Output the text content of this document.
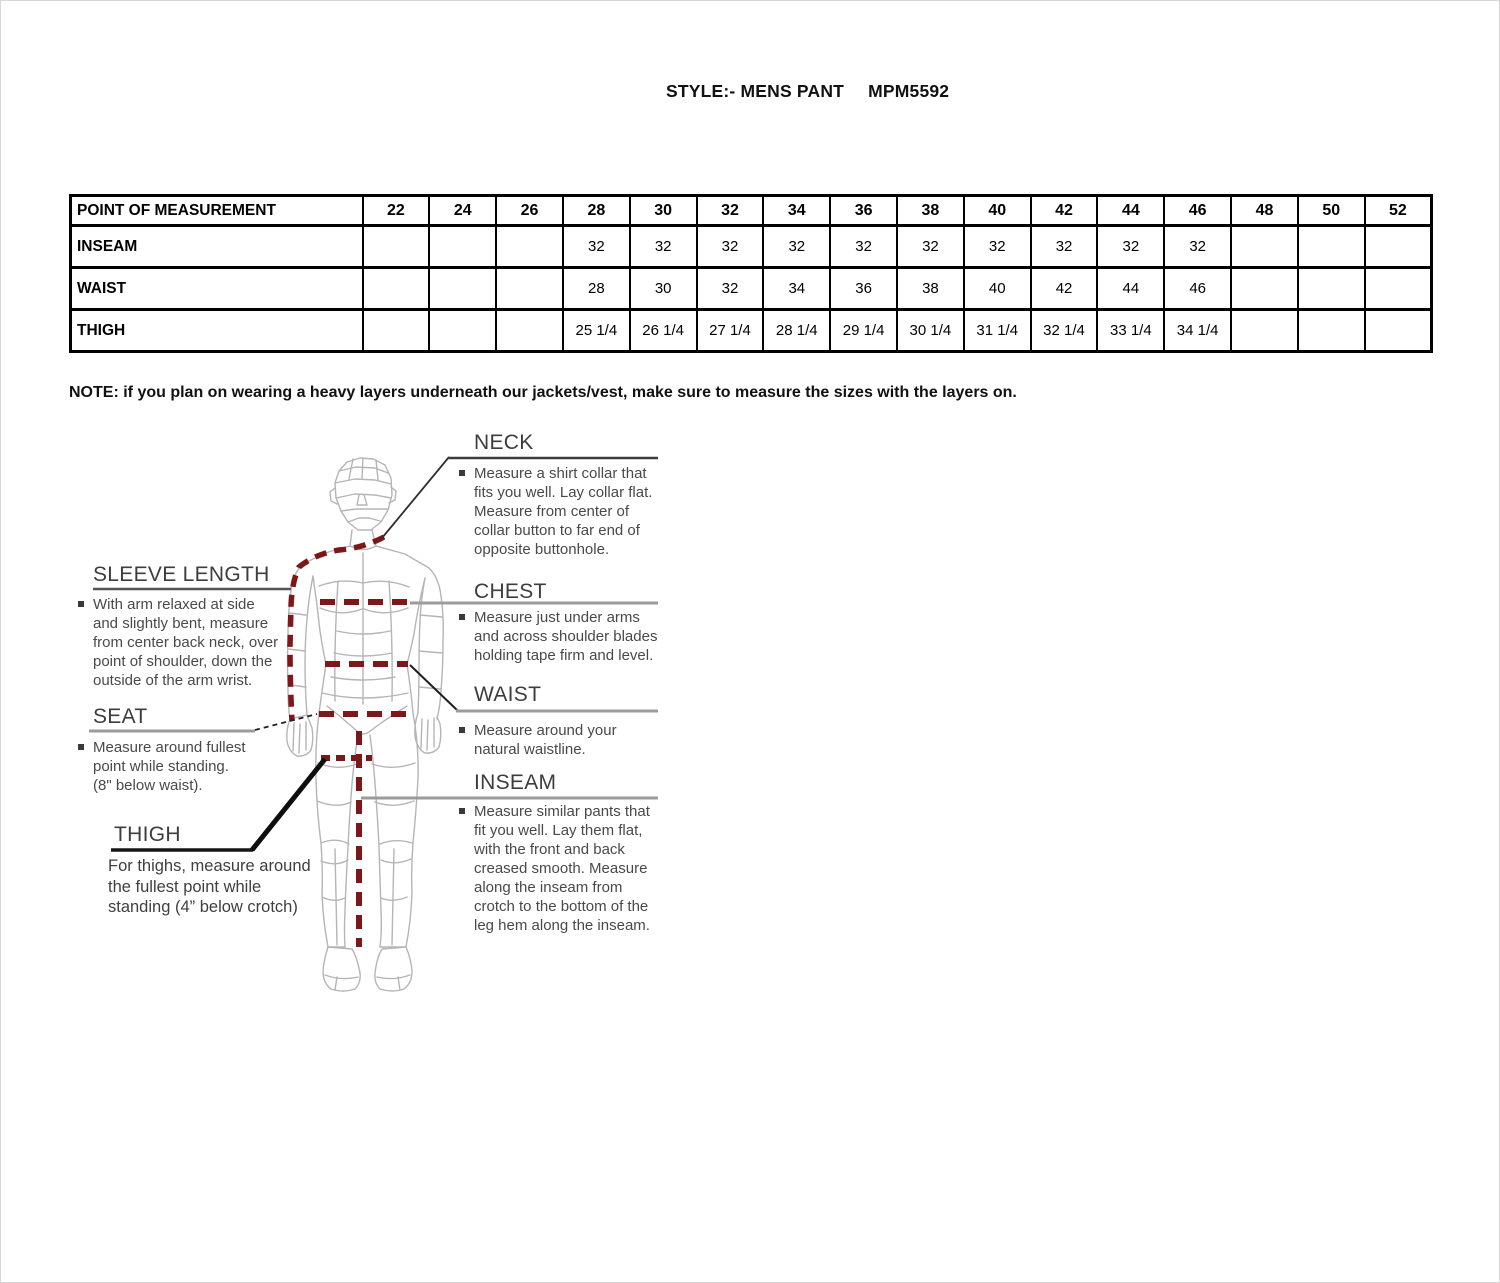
STYLE:- MENS PANT MPM5592
POINT OF MEASUREMENT	22	24	26	28	30	32	34	36	38	40	42	44	46	48	50	52
INSEAM				32	32	32	32	32	32	32	32	32	32			
WAIST				28	30	32	34	36	38	40	42	44	46			
THIGH				25 1/4	26 1/4	27 1/4	28 1/4	29 1/4	30 1/4	31 1/4	32 1/4	33 1/4	34 1/4			
NOTE: if you plan on wearing a heavy layers underneath our jackets/vest, make sure to measure the sizes with the layers on.
NECK
Measure a shirt collar that
fits you well. Lay collar flat.
Measure from center of
collar button to far end of
opposite buttonhole.
CHEST
Measure just under arms
and across shoulder blades
holding tape firm and level.
WAIST
Measure around your
natural waistline.
INSEAM
Measure similar pants that
fit you well. Lay them flat,
with the front and back
creased smooth. Measure
along the inseam from
crotch to the bottom of the
leg hem along the inseam.
SLEEVE LENGTH
With arm relaxed at side
and slightly bent, measure
from center back neck, over
point of shoulder, down the
outside of the arm wrist.
SEAT
Measure around fullest
point while standing.
(8" below waist).
THIGH
For thighs, measure around
the fullest point while
standing (4” below crotch)
